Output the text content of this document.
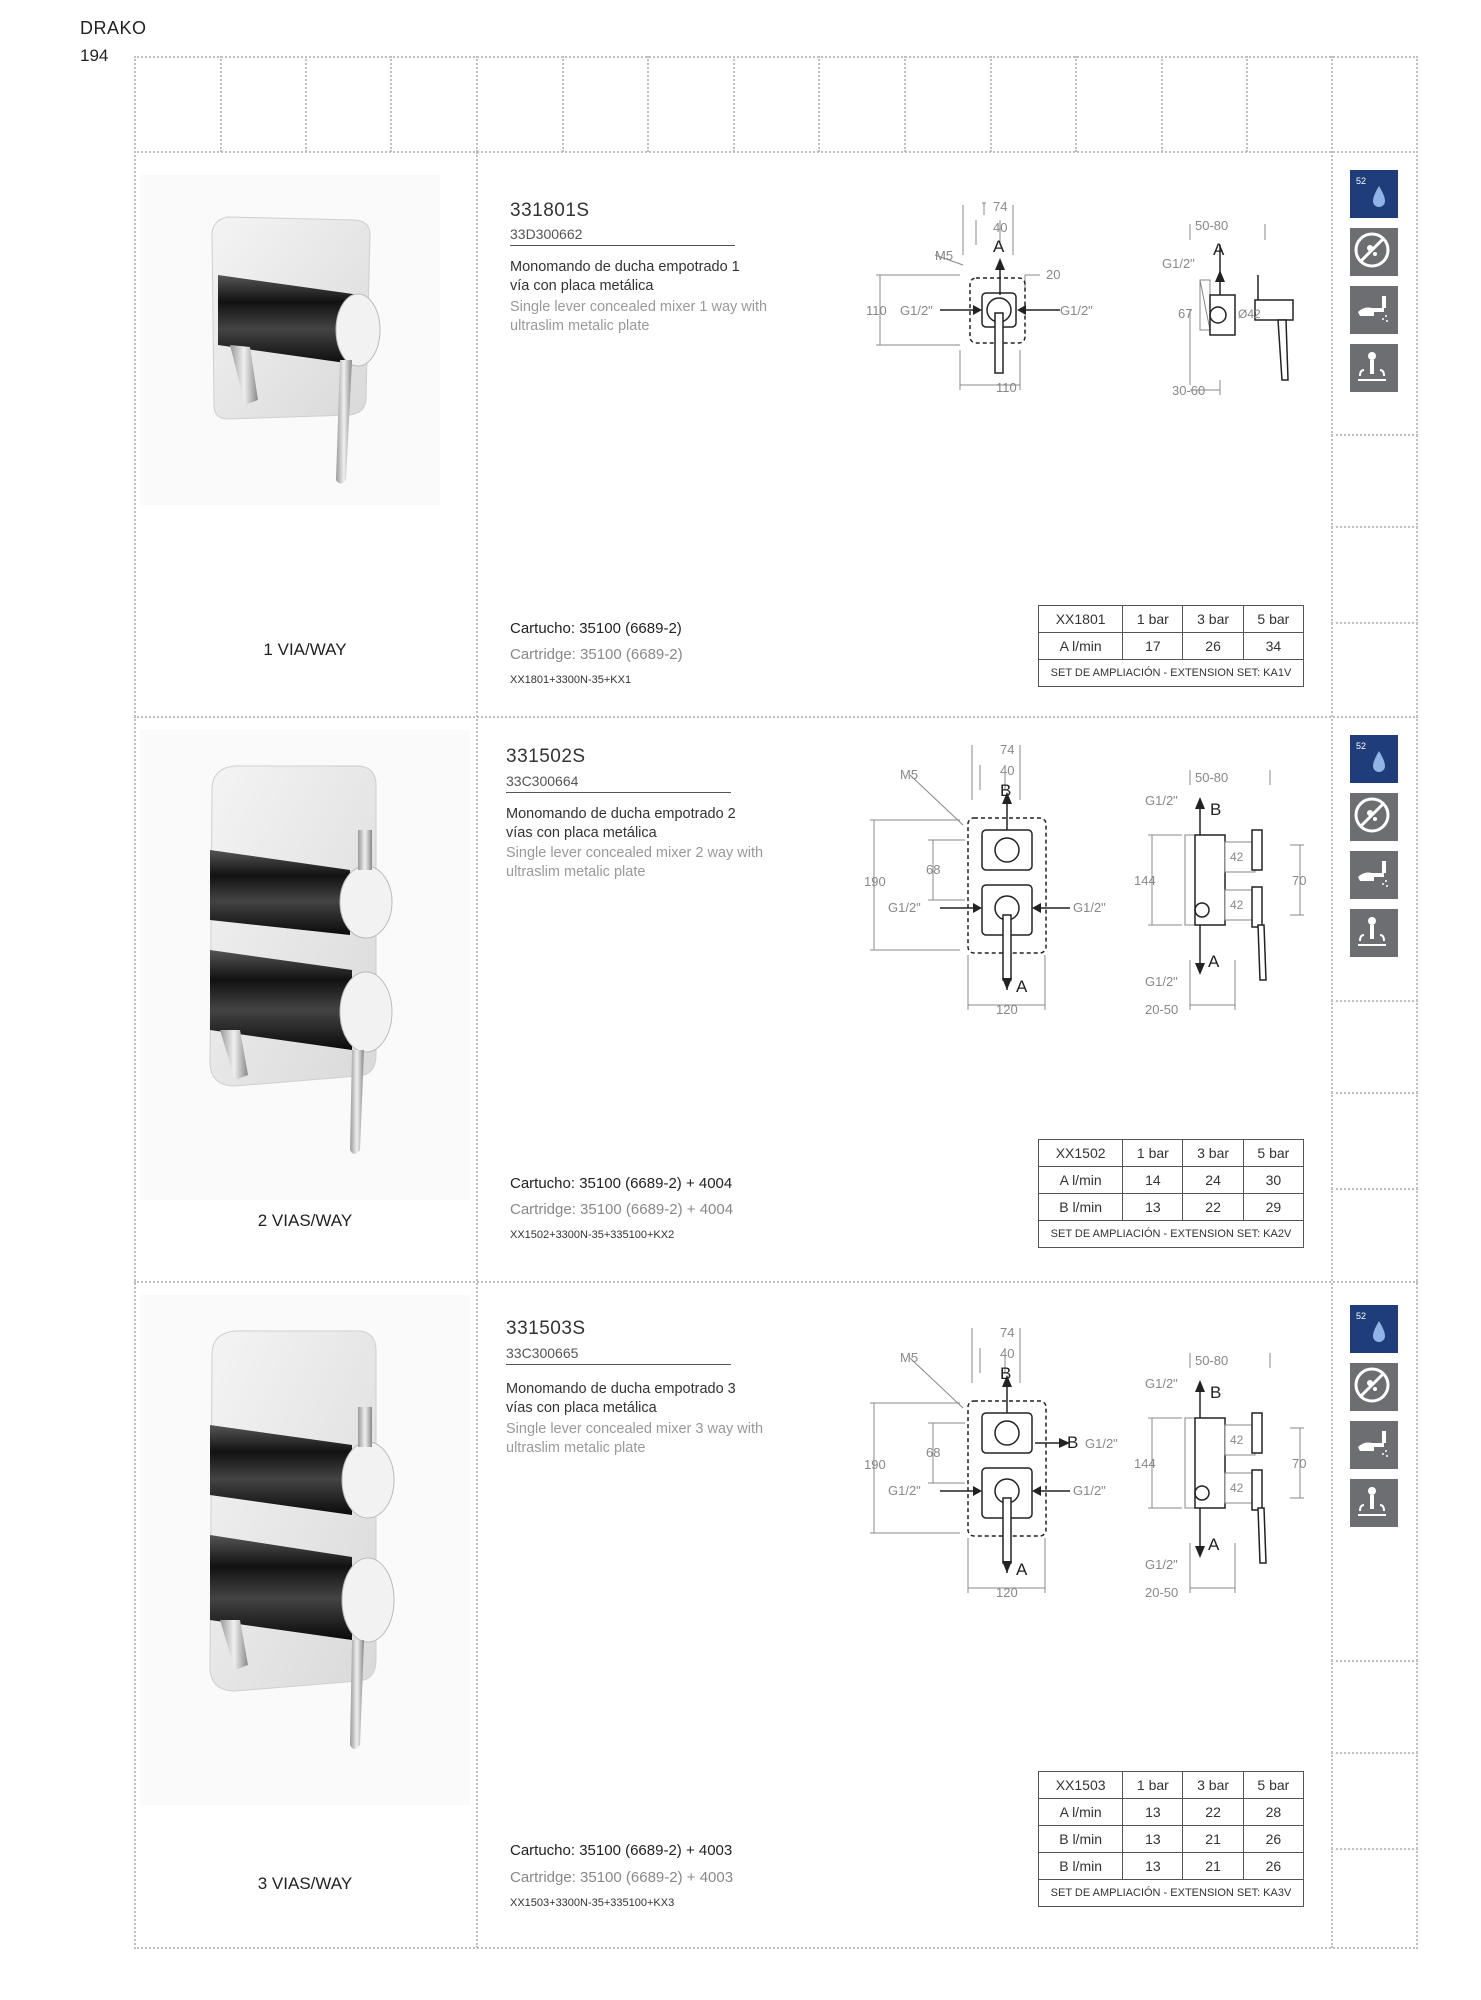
DRAKO
194
1 VIA/WAY
331801S
33D300662
Monomando de ducha empotrado 1
vía con placa metálica
Single lever concealed mixer 1 way with
ultraslim metalic plate
74
40
A
M5
20
110 G1/2"	G1/2"
110
50-80
A
G1/2"
67	Ø42
30-60
Cartucho: 35100 (6689-2)
Cartridge: 35100 (6689-2)
XX1801+3300N-35+KX1
XX1801	1 bar	3 bar	5 bar
A l/min	17	26	34
SET DE AMPLIACIÓN - EXTENSION SET: KA1V			
2 VIAS/WAY
331502S
33C300664
Monomando de ducha empotrado 2
vías con placa metálica
Single lever concealed mixer 2 way with
ultraslim metalic plate
74
40
B
M5
190
68
G1/2"	G1/2"
A
120
50-80
G1/2" B
144
42
42
70
A
G1/2"
20-50
Cartucho: 35100 (6689-2) + 4004
Cartridge: 35100 (6689-2) + 4004
XX1502+3300N-35+335100+KX2
XX1502	1 bar	3 bar	5 bar
A l/min	14	24	30
B l/min	13	22	29
SET DE AMPLIACIÓN - EXTENSION SET: KA2V			
3 VIAS/WAY
331503S
33C300665
Monomando de ducha empotrado 3
vías con placa metálica
Single lever concealed mixer 3 way with
ultraslim metalic plate
74
40
B
M5
190
68
G1/2"	G1/2"
B G1/2"
A
120
50-80
G1/2" B
144
42
42
70
A
G1/2"
20-50
Cartucho: 35100 (6689-2) + 4003
Cartridge: 35100 (6689-2) + 4003
XX1503+3300N-35+335100+KX3
XX1503	1 bar	3 bar	5 bar
A l/min	13	22	28
B l/min	13	21	26
B l/min	13	21	26
SET DE AMPLIACIÓN - EXTENSION SET: KA3V			
52
52
52
